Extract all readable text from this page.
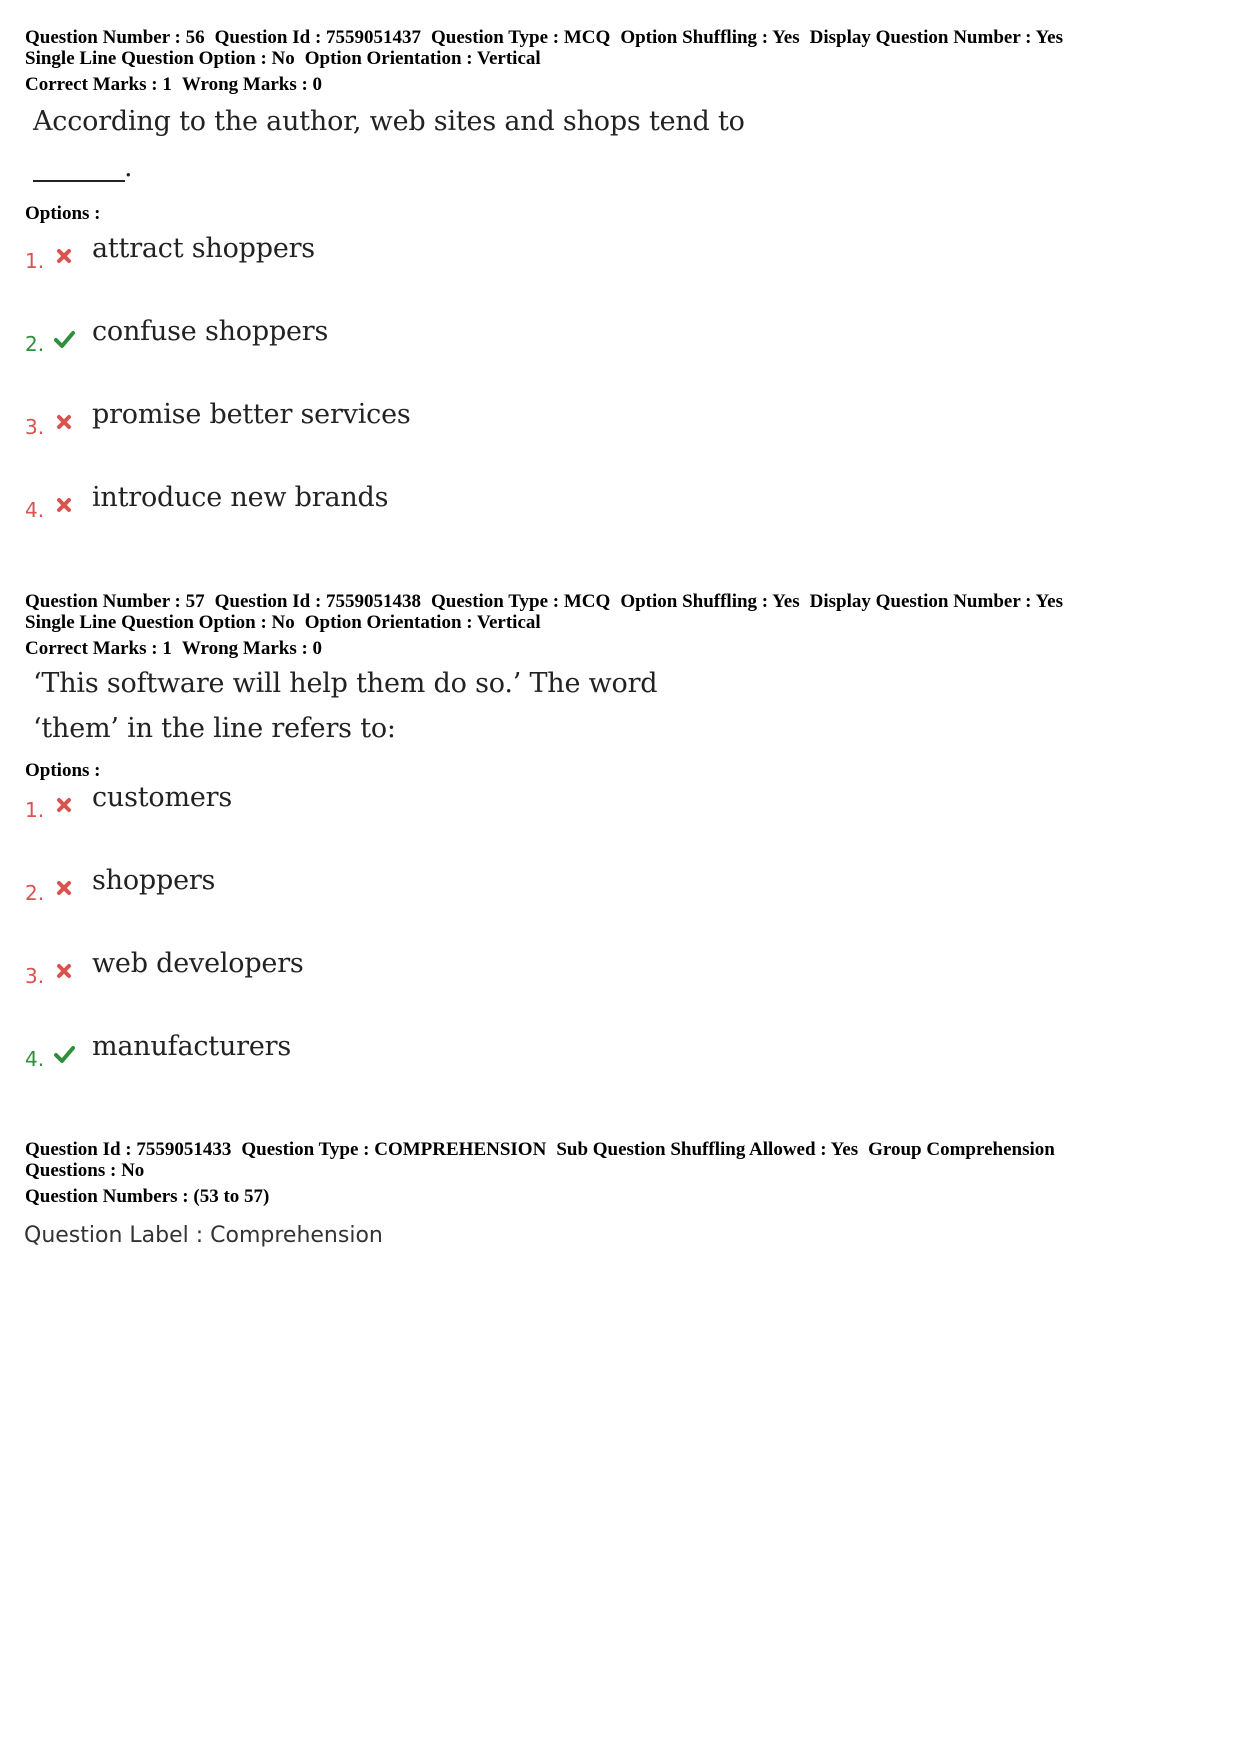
Question Number : 56 Question Id : 7559051437 Question Type : MCQ Option Shuffling : Yes Display Question Number : Yes
Single Line Question Option : No Option Orientation : Vertical
Correct Marks : 1 Wrong Marks : 0
According to the author, web sites and shops tend to
.
Options :
1. attract shoppers
2. confuse shoppers
3. promise better services
4. introduce new brands
Question Number : 57 Question Id : 7559051438 Question Type : MCQ Option Shuffling : Yes Display Question Number : Yes
Single Line Question Option : No Option Orientation : Vertical
Correct Marks : 1 Wrong Marks : 0
‘This software will help them do so.’ The word
‘them’ in the line refers to:
Options :
1. customers
2. shoppers
3. web developers
4. manufacturers
Question Id : 7559051433 Question Type : COMPREHENSION Sub Question Shuffling Allowed : Yes Group Comprehension
Questions : No
Question Numbers : (53 to 57)
Question Label : Comprehension
